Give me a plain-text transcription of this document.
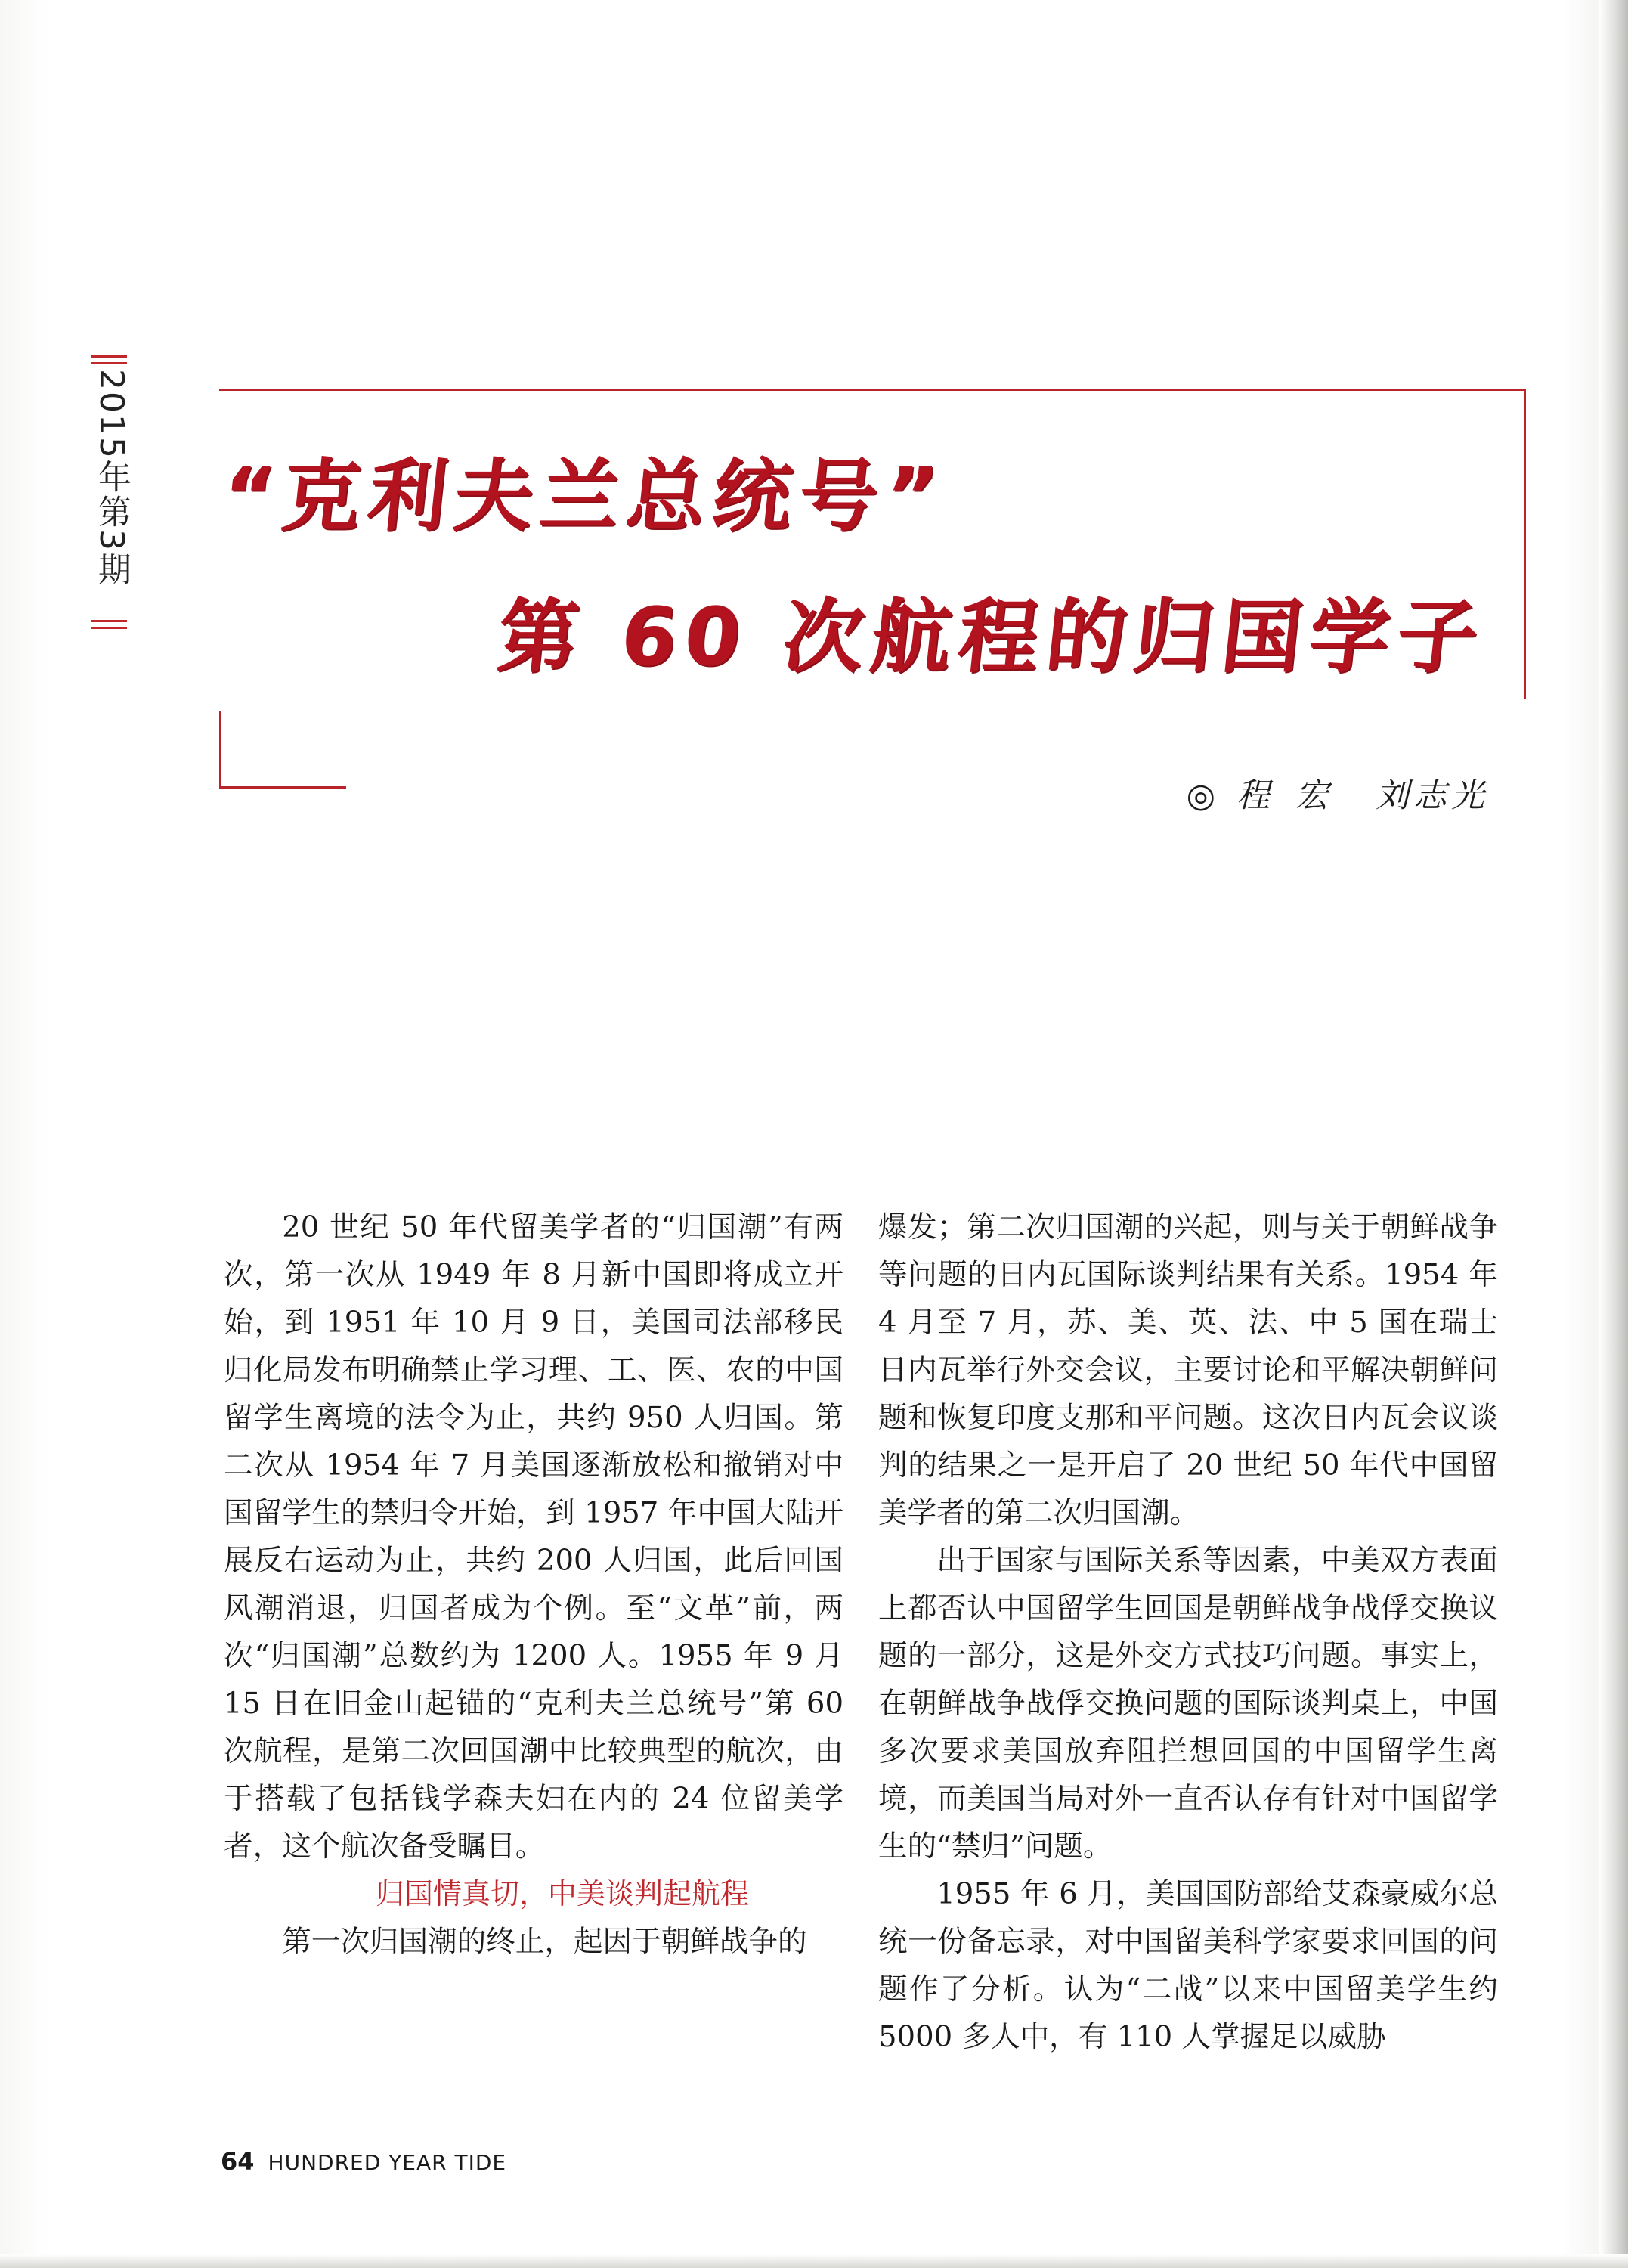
2015年第3期 “克利夫兰总统号”
第 60 次航程的归国学子
◎ 程 宏 刘志光

20 世纪 50 年代留美学者的“归国潮”有两次，第一次从 1949 年 8 月新中国即将成立开始，到 1951 年 10 月 9 日，美国司法部移民归化局发布明确禁止学习理、工、医、农的中国留学生离境的法令为止，共约 950 人归国。第二次从 1954 年 7 月美国逐渐放松和撤销对中国留学生的禁归令开始，到 1957 年中国大陆开展反右运动为止，共约 200 人归国，此后回国风潮消退，归国者成为个例。至“文革”前，两次“归国潮”总数约为 1200 人。1955 年 9 月 15 日在旧金山起锚的“克利夫兰总统号”第 60 次航程，是第二次回国潮中比较典型的航次，由于搭载了包括钱学森夫妇在内的 24 位留美学者，这个航次备受瞩目。

归国情真切，中美谈判起航程

第一次归国潮的终止，起因于朝鲜战争的

爆发；第二次归国潮的兴起，则与关于朝鲜战争等问题的日内瓦国际谈判结果有关系。1954 年 4 月至 7 月，苏、美、英、法、中 5 国在瑞士日内瓦举行外交会议，主要讨论和平解决朝鲜问题和恢复印度支那和平问题。这次日内瓦会议谈判的结果之一是开启了 20 世纪 50 年代中国留美学者的第二次归国潮。

出于国家与国际关系等因素，中美双方表面上都否认中国留学生回国是朝鲜战争战俘交换议题的一部分，这是外交方式技巧问题。事实上，在朝鲜战争战俘交换问题的国际谈判桌上，中国多次要求美国放弃阻拦想回国的中国留学生离境，而美国当局对外一直否认存有针对中国留学生的“禁归”问题。

1955 年 6 月，美国国防部给艾森豪威尔总统一份备忘录，对中国留美科学家要求回国的问题作了分析。认为“二战”以来中国留美学生约 5000 多人中，有 110 人掌握足以威胁

64 HUNDRED YEAR TIDE
